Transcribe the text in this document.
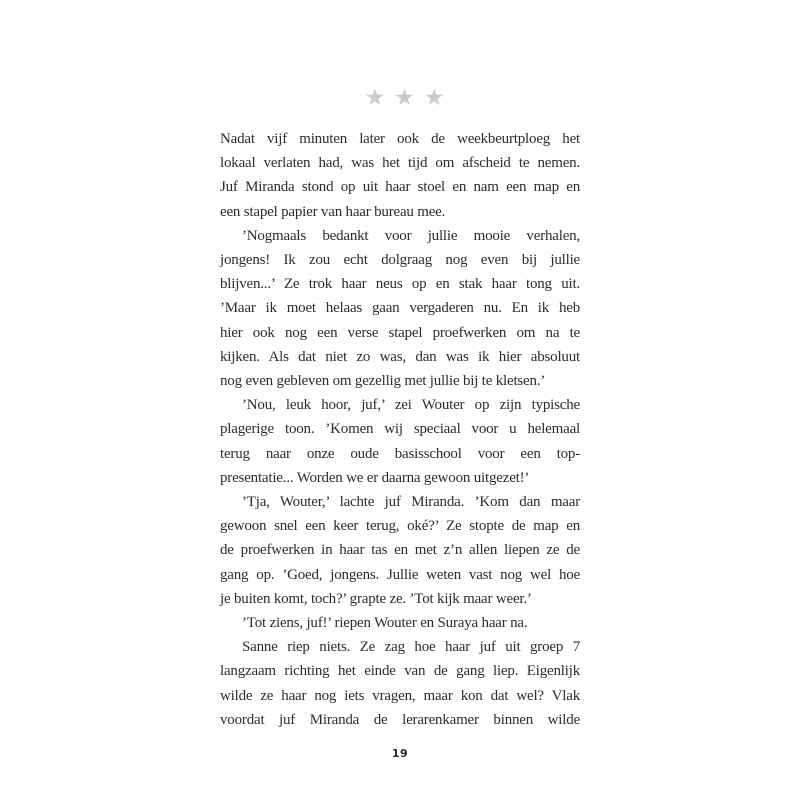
★★★
Nadat vijf minuten later ook de weekbeurtploeg het
lokaal verlaten had, was het tijd om afscheid te nemen.
Juf Miranda stond op uit haar stoel en nam een map en
een stapel papier van haar bureau mee.
’Nogmaals bedankt voor jullie mooie verhalen,
jongens! Ik zou echt dolgraag nog even bij jullie
blijven...’ Ze trok haar neus op en stak haar tong uit.
’Maar ik moet helaas gaan vergaderen nu. En ik heb
hier ook nog een verse stapel proefwerken om na te
kijken. Als dat niet zo was, dan was ik hier absoluut
nog even gebleven om gezellig met jullie bij te kletsen.’
’Nou, leuk hoor, juf,’ zei Wouter op zijn typische
plagerige toon. ’Komen wij speciaal voor u helemaal
terug naar onze oude basisschool voor een top-
presentatie... Worden we er daarna gewoon uitgezet!’
’Tja, Wouter,’ lachte juf Miranda. ’Kom dan maar
gewoon snel een keer terug, oké?’ Ze stopte de map en
de proefwerken in haar tas en met z’n allen liepen ze de
gang op. ’Goed, jongens. Jullie weten vast nog wel hoe
je buiten komt, toch?’ grapte ze. ’Tot kijk maar weer.’
’Tot ziens, juf!’ riepen Wouter en Suraya haar na.
Sanne riep niets. Ze zag hoe haar juf uit groep 7
langzaam richting het einde van de gang liep. Eigenlijk
wilde ze haar nog iets vragen, maar kon dat wel? Vlak
voordat juf Miranda de lerarenkamer binnen wilde
19
